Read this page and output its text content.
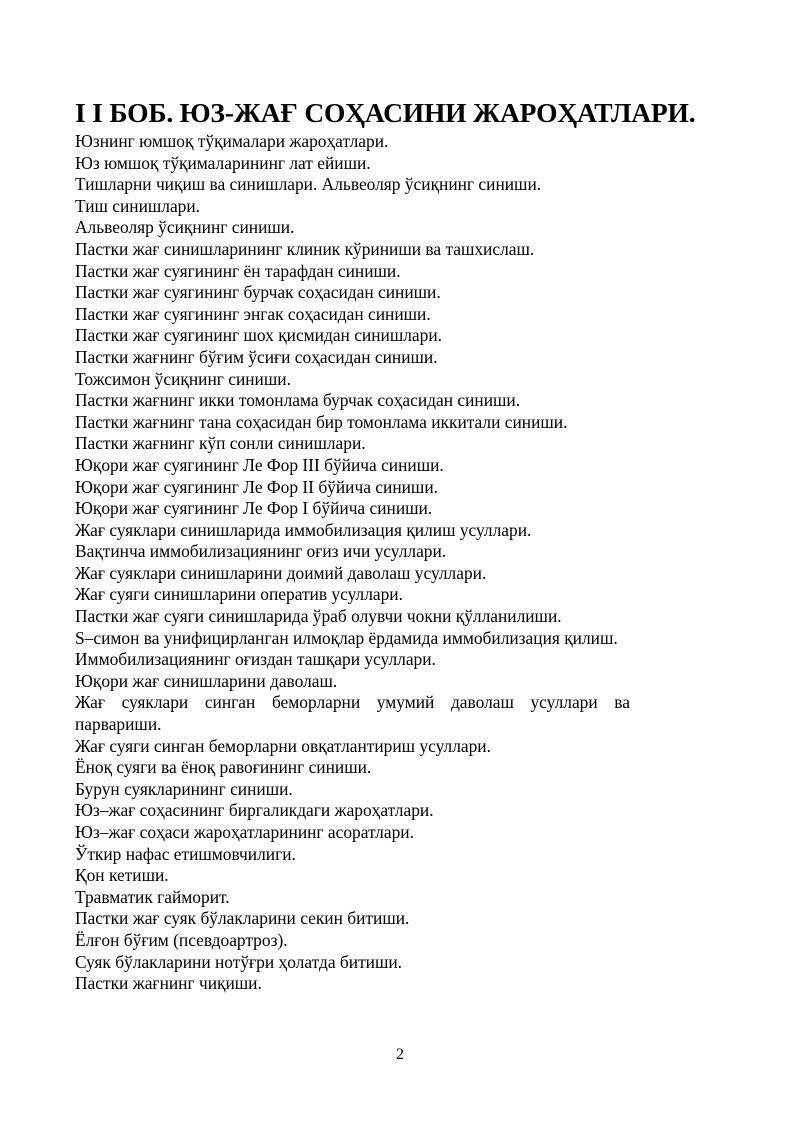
I I БОБ. ЮЗ-ЖАҒ СОҲАСИНИ ЖАРОҲАТЛАРИ.
Юзнинг юмшоқ тўқималари жароҳатлари.
Юз юмшоқ тўқималарининг лат ейиши.
Тишларни чиқиш ва синишлари. Альвеоляр ўсиқнинг синиши.
Тиш синишлари.
Альвеоляр ўсиқнинг синиши.
Пастки жағ синишларининг клиник кўриниши ва ташхислаш.
Пастки жағ суягининг ён тарафдан синиши.
Пастки жағ суягининг бурчак соҳасидан синиши.
Пастки жағ суягининг энгак соҳасидан синиши.
Пастки жағ суягининг шох қисмидан синишлари.
Пастки жағнинг бўғим ўсиғи соҳасидан синиши.
Тожсимон ўсиқнинг синиши.
Пастки жағнинг икки томонлама бурчак соҳасидан синиши.
Пастки жағнинг тана соҳасидан бир томонлама иккитали синиши.
Пастки жағнинг кўп сонли синишлари.
Юқори жағ суягининг Ле Фор III бўйича синиши.
Юқори жағ суягининг Ле Фор II бўйича синиши.
Юқори жағ суягининг Ле Фор I бўйича синиши.
Жағ суяклари синишларида иммобилизация қилиш усуллари.
Вақтинча иммобилизациянинг оғиз ичи усуллари.
Жағ суяклари синишларини доимий даволаш усуллари.
Жағ суяги синишларини оператив усуллари.
Пастки жағ суяги синишларида ўраб олувчи чокни қўлланилиши.
S–симон ва унифицирланган илмоқлар ёрдамида иммобилизация қилиш.
Иммобилизациянинг оғиздан ташқари усуллари.
Юқори жағ синишларини даволаш.
Жағ суяклари синган беморларни умумий даволаш усуллари ва парвариши.
Жағ суяги синган беморларни овқатлантириш усуллари.
Ёноқ суяги ва ёноқ равоғининг синиши.
Бурун суякларининг синиши.
Юз–жағ соҳасининг биргаликдаги жароҳатлари.
Юз–жағ соҳаси жароҳатларининг асоратлари.
Ўткир нафас етишмовчилиги.
Қон кетиши.
Травматик гайморит.
Пастки жағ суяк бўлакларини секин битиши.
Ёлғон бўғим (псевдоартроз).
Суяк бўлакларини нотўғри ҳолатда битиши.
Пастки жағнинг чиқиши.
2
